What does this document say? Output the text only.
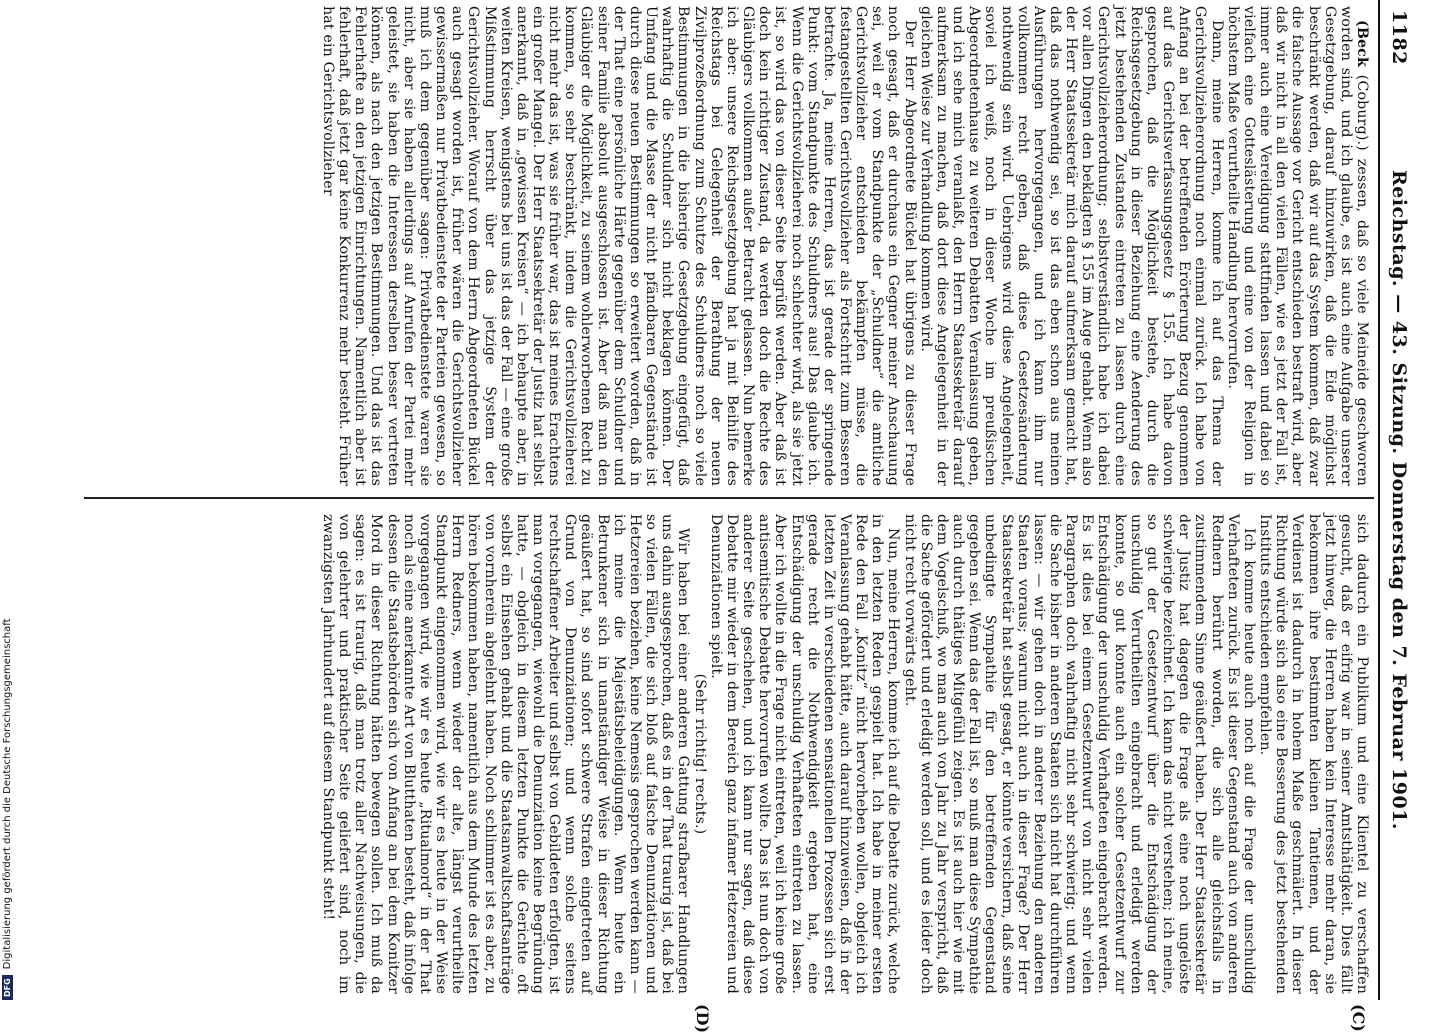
1182
Reichstag. — 43. Sitzung. Donnerstag den 7. Februar 1901.

(Beck (Coburg).) zessen, daß so viele Meineide geschworen worden sind, und ich glaube, es ist auch eine Aufgabe unserer Gesetzgebung, darauf hinzuwirken, daß die Eide möglichst beschränkt werden, daß wir auf das System kommen, daß zwar die falsche Aussage vor Gericht entschieden bestraft wird, aber daß wir nicht in all den vielen Fällen, wie es jetzt der Fall ist, immer auch eine Vereidigung stattfinden lassen und dabei so vielfach eine Gotteslästerung und eine von der Religion in höchstem Maße verurtheilte Handlung hervorrufen.

Dann, meine Herren, komme ich auf das Thema der Gerichtsvollzieherordnung noch einmal zurück. Ich habe von Anfang an bei der betreffenden Erörterung Bezug genommen auf das Gerichtsverfassungsgesetz § 155. Ich habe davon gesprochen, daß die Möglichkeit bestehe, durch die Reichsgesetzgebung in dieser Beziehung eine Aenderung des jetzt bestehenden Zustandes eintreten zu lassen durch eine Gerichtsvollzieherordnung; selbstverständlich habe ich dabei vor allen Dingen den beklagten § 155 im Auge gehabt. Wenn also der Herr Staatssekretär mich darauf aufmerksam gemacht hat, daß das nothwendig sei, so ist das eben schon aus meinen Ausführungen hervorgegangen, und ich kann ihm nur vollkommen recht geben, daß diese Gesetzesänderung nothwendig sein wird. Uebrigens wird diese Angelegenheit, soviel ich weiß, noch in dieser Woche im preußischen Abgeordnetenhause zu weiteren Debatten Veranlassung geben, und ich sehe mich veranlaßt, den Herrn Staatssekretär darauf aufmerksam zu machen, daß dort diese Angelegenheit in der gleichen Weise zur Verhandlung kommen wird.

Der Herr Abgeordnete Bückel hat übrigens zu dieser Frage noch gesagt, daß er durchaus ein Gegner meiner Anschauung sei, weil er vom Standpunkte der „Schuldner“ die amtliche Gerichtsvollzieher entschieden bekämpfen müsse, die festangestellten Gerichtsvollzieher als Fortschritt zum Besseren betrachte. Ja, meine Herren, das ist gerade der springende Punkt: vom Standpunkte des Schuldners aus! Das glaube ich. Wenn die Gerichtsvollzieherei noch schlechter wird, als sie jetzt ist, so wird das von dieser Seite begrüßt werden. Aber daß ist doch kein richtiger Zustand, da werden doch die Rechte des Gläubigers vollkommen außer Betracht gelassen. Nun bemerke ich aber: unsere Reichsgesetzgebung hat ja mit Beihilfe des Reichstags bei Gelegenheit der Berathung der neuen Zivilprozeßordnung zum Schutze des Schuldners noch so viele Bestimmungen in die bisherige Gesetzgebung eingefügt, daß wahrhaftig die Schuldner sich nicht beklagen können. Der Umfang und die Masse der nicht pfändbaren Gegenstände ist durch diese neuen Bestimmungen so erweitert worden, daß in der That eine persönliche Härte gegenüber dem Schuldner und seiner Familie absolut ausgeschlossen ist. Aber daß man den Gläubiger die Möglichkeit, zu seinem wohlerworbenen Recht zu kommen, so sehr beschränkt, indem die Gerichtsvollzieherei nicht mehr das ist, was sie früher war, das ist meines Erachtens ein großer Mangel. Der Herr Staatssekretär der Justiz hat selbst anerkannt, daß in „gewissen Kreisen“ — ich behaupte aber, in weiten Kreisen, wenigstens bei uns ist das der Fall — eine große Mißstimmung herrscht über das jetzige System der Gerichtsvollzieher. Worauf von dem Herrn Abgeordneten Bückel auch gesagt worden ist, früher wären die Gerichtsvollzieher gewissermaßen nur Privatbedienstete der Parteien gewesen, so muß ich dem gegenüber sagen: Privatbedienstete waren sie nicht, aber sie haben allerdings auf Anrufen der Partei mehr geleistet, sie haben die Interessen derselben besser vertreten können, als nach den jetzigen Bestimmungen. Und das ist das Fehlerhafte an den jetzigen Einrichtungen. Namentlich aber ist fehlerhaft, daß jetzt gar keine Konkurrenz mehr besteht. Früher hat ein Gerichtsvollzieher

sich dadurch ein Publikum und eine Klientel zu verschaffen gesucht, daß er eifrig war in seiner Amtsthätigkeit. Dies fällt jetzt hinweg, die Herren haben kein Interesse mehr daran, sie bekommen ihre bestimmten kleinen Tantiemen, und der Verdienst ist dadurch in hohem Maße geschmälert. In dieser Richtung würde sich also eine Besserung des jetzt bestehenden Instituts entschieden empfehlen.

Ich komme heute auch noch auf die Frage der unschuldig Verhafteten zurück. Es ist dieser Gegenstand auch von anderen Rednern berührt worden, die sich alle gleichsfalls in zustimmendem Sinne geäußert haben. Der Herr Staatssekretär der Justiz hat dagegen die Frage als eine noch ungelöste schwierige bezeichnet. Ich kann das nicht verstehen; ich meine, so gut der Gesetzentwurf über die Entschädigung der unschuldig Verurtheilten eingebracht und erledigt werden konnte, so gut konnte auch ein solcher Gesetzentwurf zur Entschädigung der unschuldig Verhafteten eingebracht werden. Es ist dies bei einem Gesetzentwurf von nicht sehr vielen Paragraphen doch wahrhaftig nicht sehr schwierig; und wenn die Sache bisher in anderen Staaten sich nicht hat durchführen lassen: — wir gehen doch in anderer Beziehung den anderen Staaten voraus; warum nicht auch in dieser Frage? Der Herr Staatssekretär hat selbst gesagt, er könnte versichern, daß seine unbedingte Sympathie für den betreffenden Gegenstand gegeben sei. Wenn das der Fall ist, so muß man diese Sympathie auch durch thätiges Mitgefühl zeigen. Es ist auch hier wie mit dem Vogelschuß, wo man auch von Jahr zu Jahr verspricht, daß die Sache gefördert und erledigt werden soll, und es leider doch nicht recht vorwärts geht.

Nun, meine Herren, komme ich auf die Debatte zurück, welche in den letzten Reden gespielt hat. Ich habe in meiner ersten Rede den Fall „Konitz“ nicht hervorheben wollen, obgleich ich Veranlassung gehabt hätte, auch darauf hinzuweisen, daß in der letzten Zeit in verschiedenen sensationellen Prozessen sich erst gerade recht die Nothwendigkeit ergeben hat, eine Entschädigung der unschuldig Verhafteten eintreten zu lassen. Aber ich wollte in die Frage nicht eintreten, weil ich keine große antisemitische Debatte hervorrufen wollte. Das ist nun doch von anderer Seite geschehen, und ich kann nur sagen, daß diese Debatte mir wieder in dem Bereich ganz infamer Hetzereien und Denunziationen spielt.

(Sehr richtig! rechts.)

Wir haben bei einer anderen Gattung strafbarer Handlungen uns dahin ausgesprochen, daß es in der That traurig ist, daß bei so vielen Fällen, die sich bloß auf falsche Denunziationen und Hetzereien beziehen, keine Nemesis gesprochen werden kann — ich meine die Majestätsbeleidigungen. Wenn heute ein Betrunkener sich in unanständiger Weise in dieser Richtung geäußert hat, so sind sofort schwere Strafen eingetreten auf Grund von Denunziationen; und wenn solche seitens rechtschaffener Arbeiter und selbst von Gebildeten erfolgten, ist man vorgegangen, wiewohl die Denunziation keine Begründung hatte, — obgleich in diesem letzten Punkte die Gerichte oft selbst ein Einsehen gehabt und die Staatsanwaltschaftsanträge von vornherein abgelehnt haben. Noch schlimmer ist es aber, zu hören bekommen haben, namentlich aus dem Munde des letzten Herrn Redners, wenn wieder der alte, längst verurtheilte Standpunkt eingenommen wird, wie wir es heute in der Weise vorgegangen wird, wie wir es heute „Ritualmord“ in der That noch als eine anerkannte Art von Blutthaten besteht, daß infolge dessen die Staatsbehörden sich von Anfang an bei dem Konitzer Mord in dieser Richtung hätten bewegen sollen. Ich muß da sagen: es ist traurig, daß man trotz aller Nachweisungen, die von gelehrter und praktischer Seite geliefert sind, noch im zwanzigsten Jahrhundert auf diesem Standpunkt steht!

(C)
(D)
DFGDigitalisierung gefördert durch die Deutsche Forschungsgemeinschaft
